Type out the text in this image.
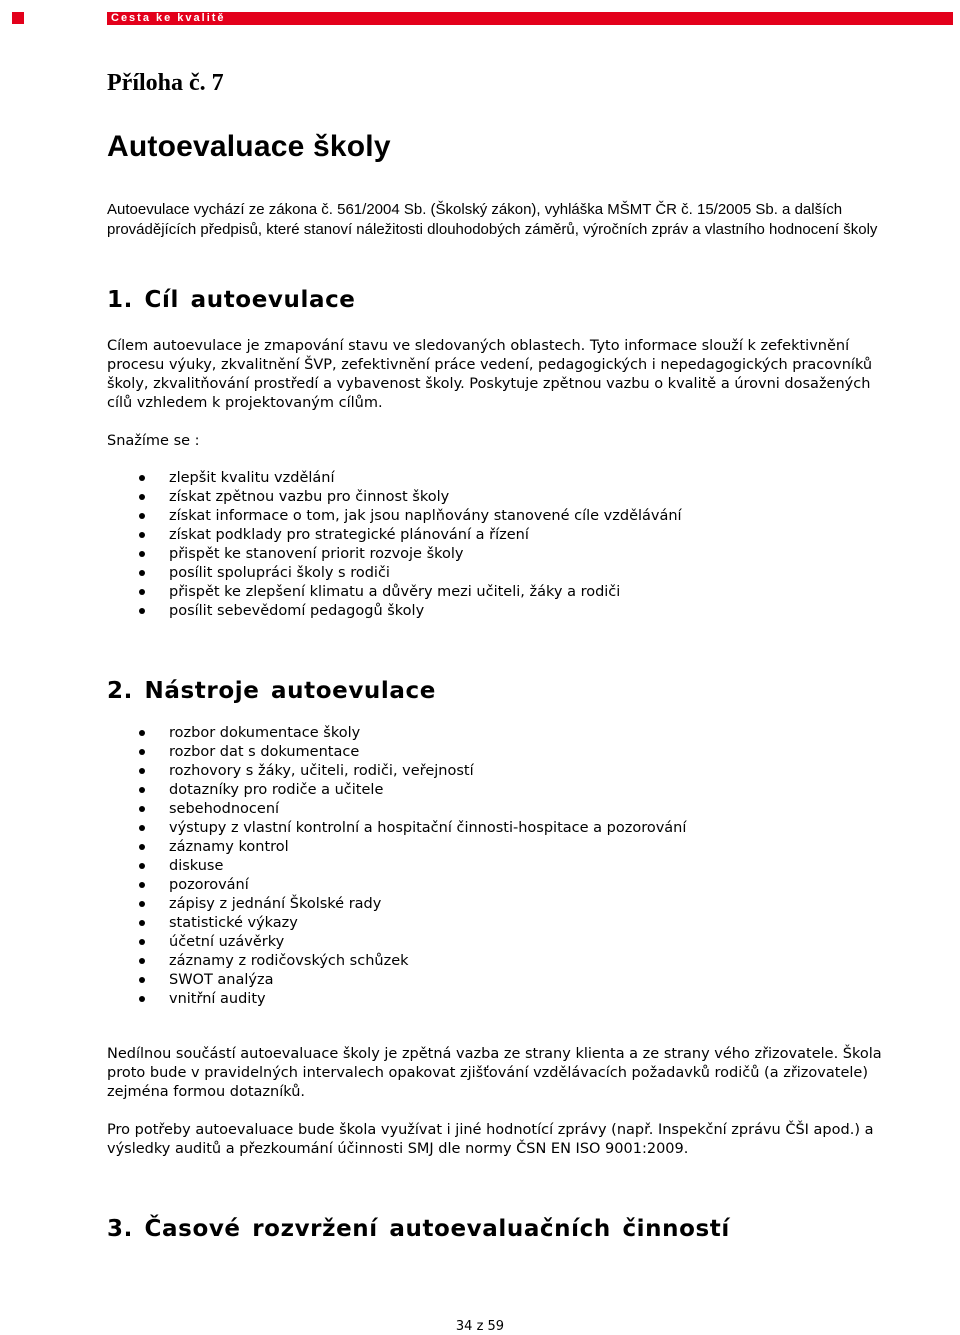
Cesta ke kvalitě
Příloha č. 7
Autoevaluace školy
Autoevulace vychází ze zákona č. 561/2004 Sb. (Školský zákon), vyhláška MŠMT ČR č. 15/2005 Sb. a dalších provádějících předpisů, které stanoví náležitosti dlouhodobých záměrů, výročních zpráv a vlastního hodnocení školy
1. Cíl autoevulace

Cílem autoevulace je zmapování stavu ve sledovaných oblastech. Tyto informace slouží k zefektivnění procesu výuky, zkvalitnění ŠVP, zefektivnění práce vedení, pedagogických i nepedagogických pracovníků školy, zkvalitňování prostředí a vybavenost školy. Poskytuje zpětnou vazbu o kvalitě a úrovni dosažených cílů vzhledem k projektovaným cílům.

Snažíme se :

zlepšit kvalitu vzdělání
získat zpětnou vazbu pro činnost školy
získat informace o tom, jak jsou naplňovány stanovené cíle vzdělávání
získat podklady pro strategické plánování a řízení
přispět ke stanovení priorit rozvoje školy
posílit spolupráci školy s rodiči
přispět ke zlepšení klimatu a důvěry mezi učiteli, žáky a rodiči
posílit sebevědomí pedagogů školy
2. Nástroje autoevulace
rozbor dokumentace školy
rozbor dat s dokumentace
rozhovory s žáky, učiteli, rodiči, veřejností
dotazníky pro rodiče a učitele
sebehodnocení
výstupy z vlastní kontrolní a hospitační činnosti-hospitace a pozorování
záznamy kontrol
diskuse
pozorování
zápisy z jednání Školské rady
statistické výkazy
účetní uzávěrky
záznamy z rodičovských schůzek
SWOT analýza
vnitřní audity

Nedílnou součástí autoevaluace školy je zpětná vazba ze strany klienta a ze strany vého zřizovatele. Škola proto bude v pravidelných intervalech opakovat zjišťování vzdělávacích požadavků rodičů (a zřizovatele) zejména formou dotazníků.

Pro potřeby autoevaluace bude škola využívat i jiné hodnotící zprávy (např. Inspekční zprávu ČŠI apod.) a výsledky auditů a přezkoumání účinnosti SMJ dle normy ČSN EN ISO 9001:2009.

3. Časové rozvržení autoevaluačních činností
34 z 59
